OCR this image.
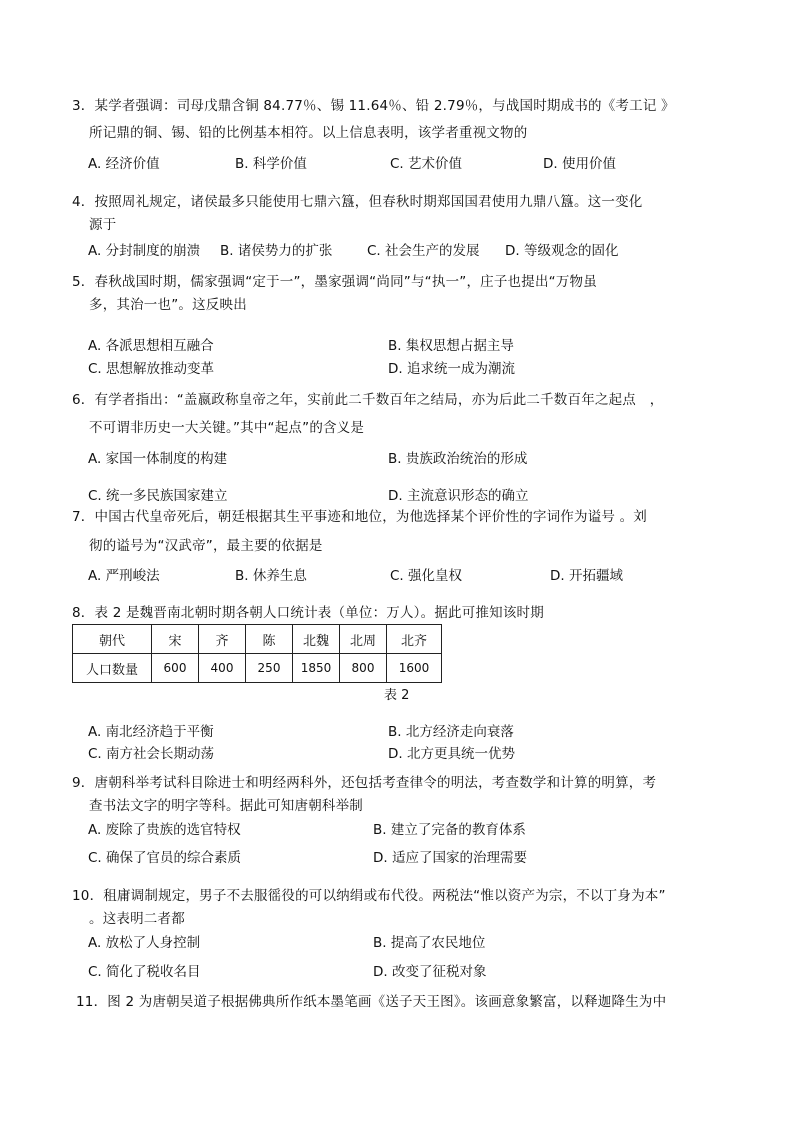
3．某学者强调：司母戊鼎含铜 84.77％、锡 11.64％、铅 2.79％，与战国时期成书的《考工记 》
所记鼎的铜、锡、铅的比例基本相符。以上信息表明，该学者重视文物的
A. 经济价值	B. 科学价值	C. 艺术价值	D. 使用价值
4．按照周礼规定，诸侯最多只能使用七鼎六簋，但春秋时期郑国国君使用九鼎八簋。这一变化
源于
A. 分封制度的崩溃 B. 诸侯势力的扩张	C. 社会生产的发展 D. 等级观念的固化
5．春秋战国时期，儒家强调“定于一”，墨家强调“尚同”与“执一”，庄子也提出“万物虽
多，其治一也”。这反映出
A. 各派思想相互融合	B. 集权思想占据主导
C. 思想解放推动变革	D. 追求统一成为潮流
6．有学者指出：“盖嬴政称皇帝之年，实前此二千数百年之结局，亦为后此二千数百年之起点　，
不可谓非历史一大关键。”其中“起点”的含义是
A. 家国一体制度的构建	B. 贵族政治统治的形成
C. 统一多民族国家建立	D. 主流意识形态的确立
7．中国古代皇帝死后，朝廷根据其生平事迹和地位，为他选择某个评价性的字词作为谥号 。刘
彻的谥号为“汉武帝”，最主要的依据是
A. 严刑峻法	B. 休养生息	C. 强化皇权	D. 开拓疆域
8．表 2 是魏晋南北朝时期各朝人口统计表（单位：万人）。据此可推知该时期
朝代	宋	齐	陈	北魏	北周	北齐
人口数量	600	400	250	1850	800	1600
表 2
A. 南北经济趋于平衡	B. 北方经济走向衰落
C. 南方社会长期动荡	D. 北方更具统一优势
9．唐朝科举考试科目除进士和明经两科外，还包括考查律令的明法，考查数学和计算的明算，考
查书法文字的明字等科。据此可知唐朝科举制
A. 废除了贵族的选官特权	B. 建立了完备的教育体系
C. 确保了官员的综合素质	D. 适应了国家的治理需要
10．租庸调制规定，男子不去服徭役的可以纳绢或布代役。两税法“惟以资产为宗，不以丁身为本”
。这表明二者都
A. 放松了人身控制	B. 提高了农民地位
C. 简化了税收名目	D. 改变了征税对象
11．图 2 为唐朝吴道子根据佛典所作纸本墨笔画《送子天王图》。该画意象繁富，以释迦降生为中
